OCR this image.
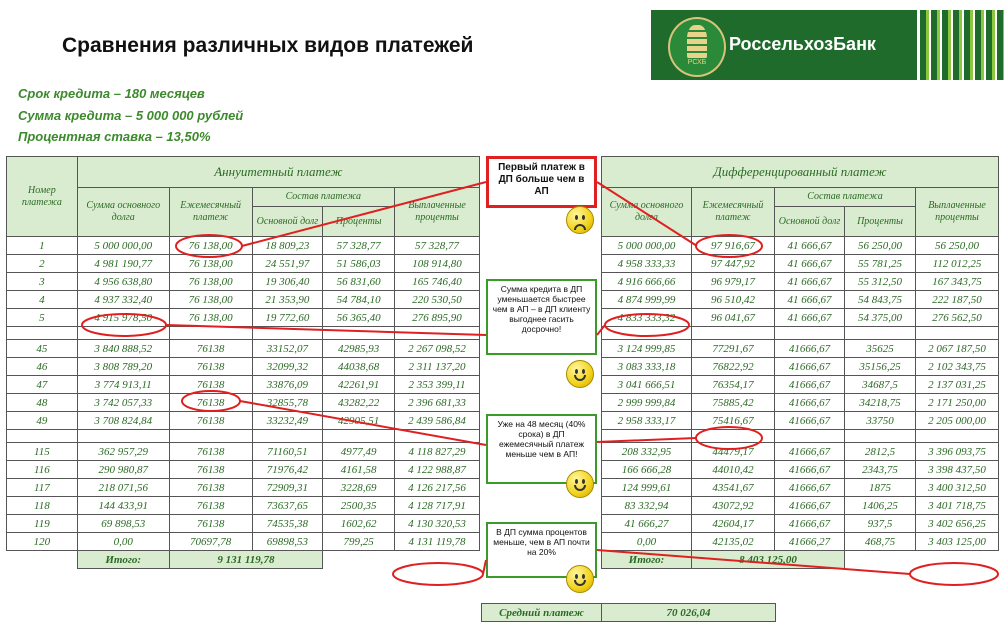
Сравнения различных видов платежей
РСХБ
РоссельхозБанк
Срок кредита – 180 месяцев
Сумма кредита – 5 000 000 рублей
Процентная ставка – 13,50%
Номер платежа	Аннуитетный платеж				
	Сумма основного долга	Ежемесячный платеж	Состав платежа		Выплаченные проценты
			Основной долг	Проценты	
1	5 000 000,00	76 138,00	18 809,23	57 328,77	57 328,77
2	4 981 190,77	76 138,00	24 551,97	51 586,03	108 914,80
3	4 956 638,80	76 138,00	19 306,40	56 831,60	165 746,40
4	4 937 332,40	76 138,00	21 353,90	54 784,10	220 530,50
5	4 915 978,50	76 138,00	19 772,60	56 365,40	276 895,90

45	3 840 888,52	76138	33152,07	42985,93	2 267 098,52
46	3 808 789,20	76138	32099,32	44038,68	2 311 137,20
47	3 774 913,11	76138	33876,09	42261,91	2 353 399,11
48	3 742 057,33	76138	32855,78	43282,22	2 396 681,33
49	3 708 824,84	76138	33232,49	42905,51	2 439 586,84

115	362 957,29	76138	71160,51	4977,49	4 118 827,29
116	290 980,87	76138	71976,42	4161,58	4 122 988,87
117	218 071,56	76138	72909,31	3228,69	4 126 217,56
118	144 433,91	76138	73637,65	2500,35	4 128 717,91
119	69 898,53	76138	74535,38	1602,62	4 130 320,53
120	0,00	70697,78	69898,53	799,25	4 131 119,78
	Итого:	9 131 119,78			
Дифференцированный платеж				
Сумма основного долга	Ежемесячный платеж	Состав платежа		Выплаченные проценты
		Основной долг	Проценты	
5 000 000,00	97 916,67	41 666,67	56 250,00	56 250,00
4 958 333,33	97 447,92	41 666,67	55 781,25	112 012,25
4 916 666,66	96 979,17	41 666,67	55 312,50	167 343,75
4 874 999,99	96 510,42	41 666,67	54 843,75	222 187,50
4 833 333,32	96 041,67	41 666,67	54 375,00	276 562,50

3 124 999,85	77291,67	41666,67	35625	2 067 187,50
3 083 333,18	76822,92	41666,67	35156,25	2 102 343,75
3 041 666,51	76354,17	41666,67	34687,5	2 137 031,25
2 999 999,84	75885,42	41666,67	34218,75	2 171 250,00
2 958 333,17	75416,67	41666,67	33750	2 205 000,00

208 332,95	44479,17	41666,67	2812,5	3 396 093,75
166 666,28	44010,42	41666,67	2343,75	3 398 437,50
124 999,61	43541,67	41666,67	1875	3 400 312,50
83 332,94	43072,92	41666,67	1406,25	3 401 718,75
41 666,27	42604,17	41666,67	937,5	3 402 656,25
0,00	42135,02	41666,27	468,75	3 403 125,00
Итого:	8 403 125,00			
Средний платеж	70 026,04
Первый платеж в ДП больше чем в АП
Сумма кредита в ДП уменьшается быстрее чем в АП – в ДП клиенту выгоднее гасить досрочно!
Уже на 48 месяц (40% срока) в ДП ежемесячный платеж меньше чем в АП!
В ДП сумма процентов меньше, чем в АП почти на 20%
